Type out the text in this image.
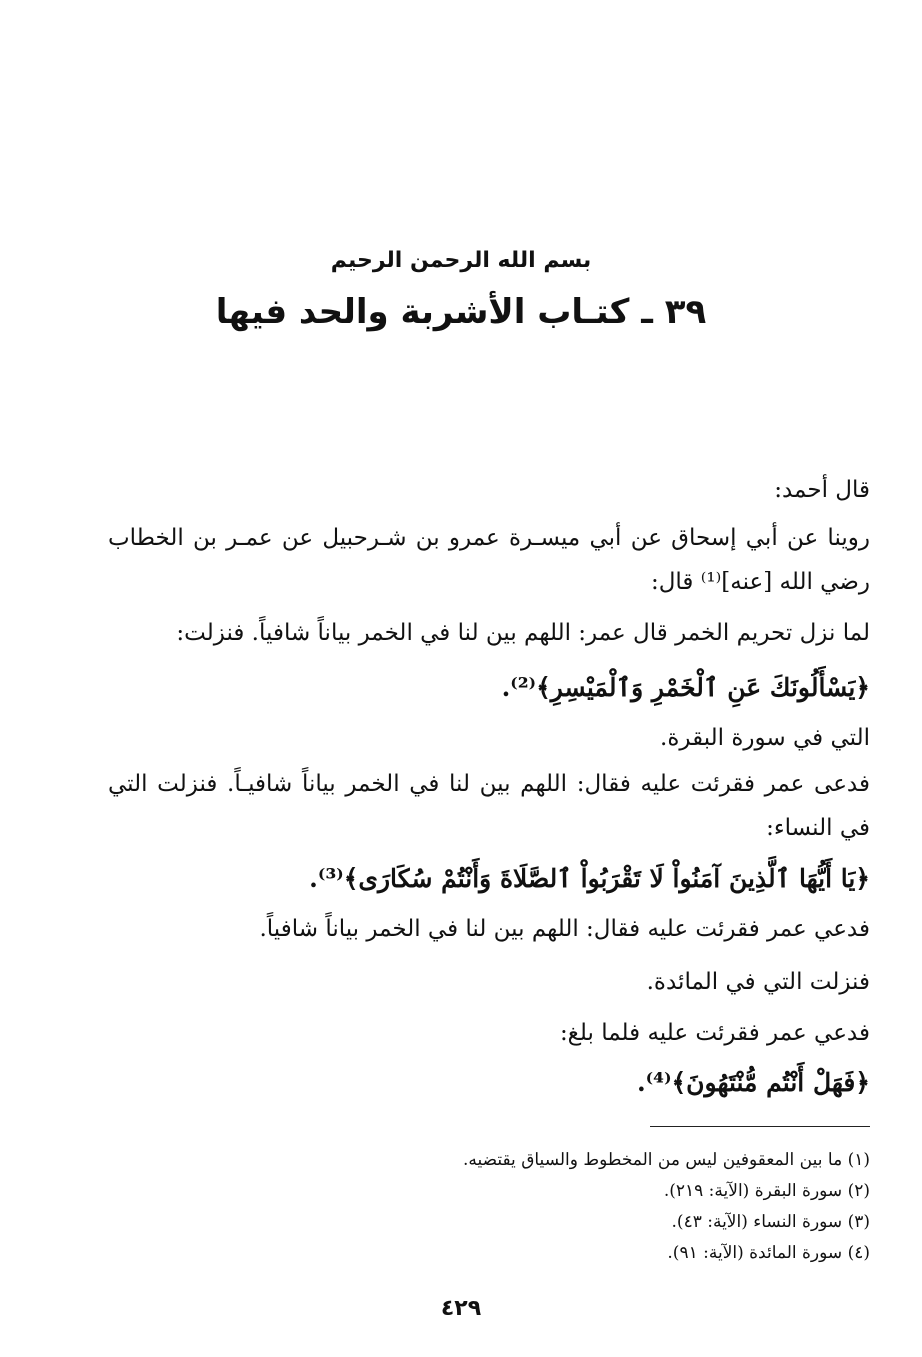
بسم الله الرحمن الرحيم
٣٩ ـ كتـاب الأشربة والحد فيها
قال أحمد:
روينا عن أبي إسحاق عن أبي ميسـرة عمرو بن شـرحبيل عن عمـر بن الخطاب
رضي الله [عنه]⁽¹⁾ قال:
لما نزل تحريم الخمر قال عمر: اللهم بين لنا في الخمر بياناً شافياً. فنزلت:
﴿يَسْأَلُونَكَ عَنِ ٱلْخَمْرِ وَٱلْمَيْسِرِ﴾⁽²⁾.
التي في سورة البقرة.
فدعى عمر فقرئت عليه فقال: اللهم بين لنا في الخمر بياناً شافيـاً. فنزلت التي
في النساء:
﴿يَا أَيُّهَا ٱلَّذِينَ آمَنُواْ لَا تَقْرَبُواْ ٱلصَّلَاةَ وَأَنْتُمْ سُكَارَى﴾⁽³⁾.
فدعي عمر فقرئت عليه فقال: اللهم بين لنا في الخمر بياناً شافياً.
فنزلت التي في المائدة.
فدعي عمر فقرئت عليه فلما بلغ:
﴿فَهَلْ أَنْتُم مُّنْتَهُونَ﴾⁽⁴⁾.
(١) ما بين المعقوفين ليس من المخطوط والسياق يقتضيه.
(٢) سورة البقرة (الآية: ٢١٩).
(٣) سورة النساء (الآية: ٤٣).
(٤) سورة المائدة (الآية: ٩١).
٤٢٩
